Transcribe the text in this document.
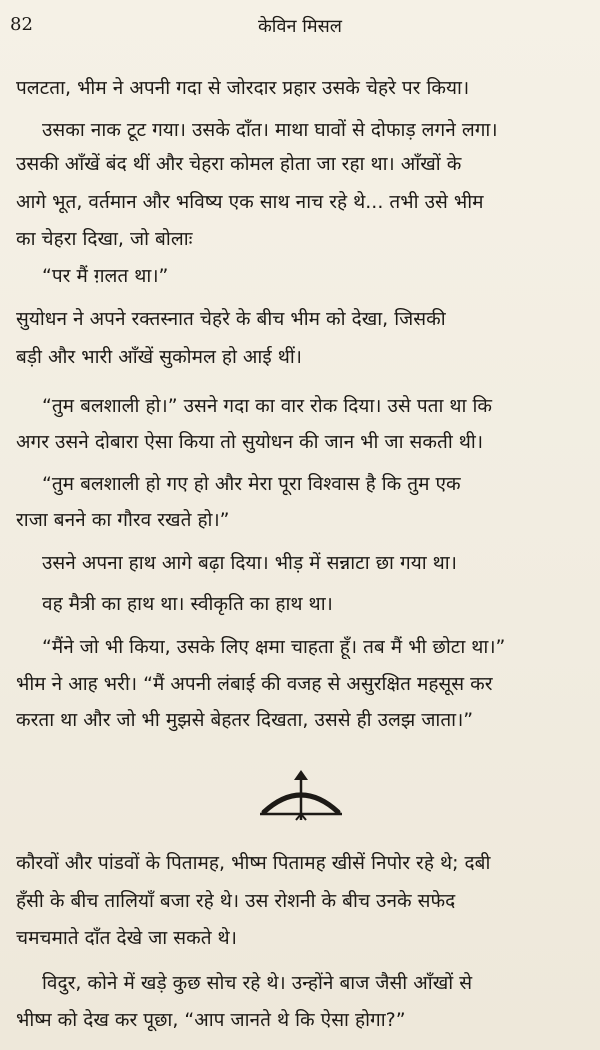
82	केविन मिसल
पलटता, भीम ने अपनी गदा से जोरदार प्रहार उसके चेहरे पर किया।
उसका नाक टूट गया। उसके दाँत। माथा घावों से दोफाड़ लगने लगा।
उसकी आँखें बंद थीं और चेहरा कोमल होता जा रहा था। आँखों के
आगे भूत, वर्तमान और भविष्य एक साथ नाच रहे थे... तभी उसे भीम
का चेहरा दिखा, जो बोलाः
“पर मैं ग़लत था।”
सुयोधन ने अपने रक्तस्नात चेहरे के बीच भीम को देखा, जिसकी
बड़ी और भारी आँखें सुकोमल हो आई थीं।
“तुम बलशाली हो।” उसने गदा का वार रोक दिया। उसे पता था कि
अगर उसने दोबारा ऐसा किया तो सुयोधन की जान भी जा सकती थी।
“तुम बलशाली हो गए हो और मेरा पूरा विश्वास है कि तुम एक
राजा बनने का गौरव रखते हो।”
उसने अपना हाथ आगे बढ़ा दिया। भीड़ में सन्नाटा छा गया था।
वह मैत्री का हाथ था। स्वीकृति का हाथ था।
“मैंने जो भी किया, उसके लिए क्षमा चाहता हूँ। तब मैं भी छोटा था।”
भीम ने आह भरी। “मैं अपनी लंबाई की वजह से असुरक्षित महसूस कर
करता था और जो भी मुझसे बेहतर दिखता, उससे ही उलझ जाता।”
कौरवों और पांडवों के पितामह, भीष्म पितामह खीसें निपोर रहे थे; दबी
हँसी के बीच तालियाँ बजा रहे थे। उस रोशनी के बीच उनके सफेद
चमचमाते दाँत देखे जा सकते थे।
विदुर, कोने में खड़े कुछ सोच रहे थे। उन्होंने बाज जैसी आँखों से
भीष्म को देख कर पूछा, “आप जानते थे कि ऐसा होगा?”
